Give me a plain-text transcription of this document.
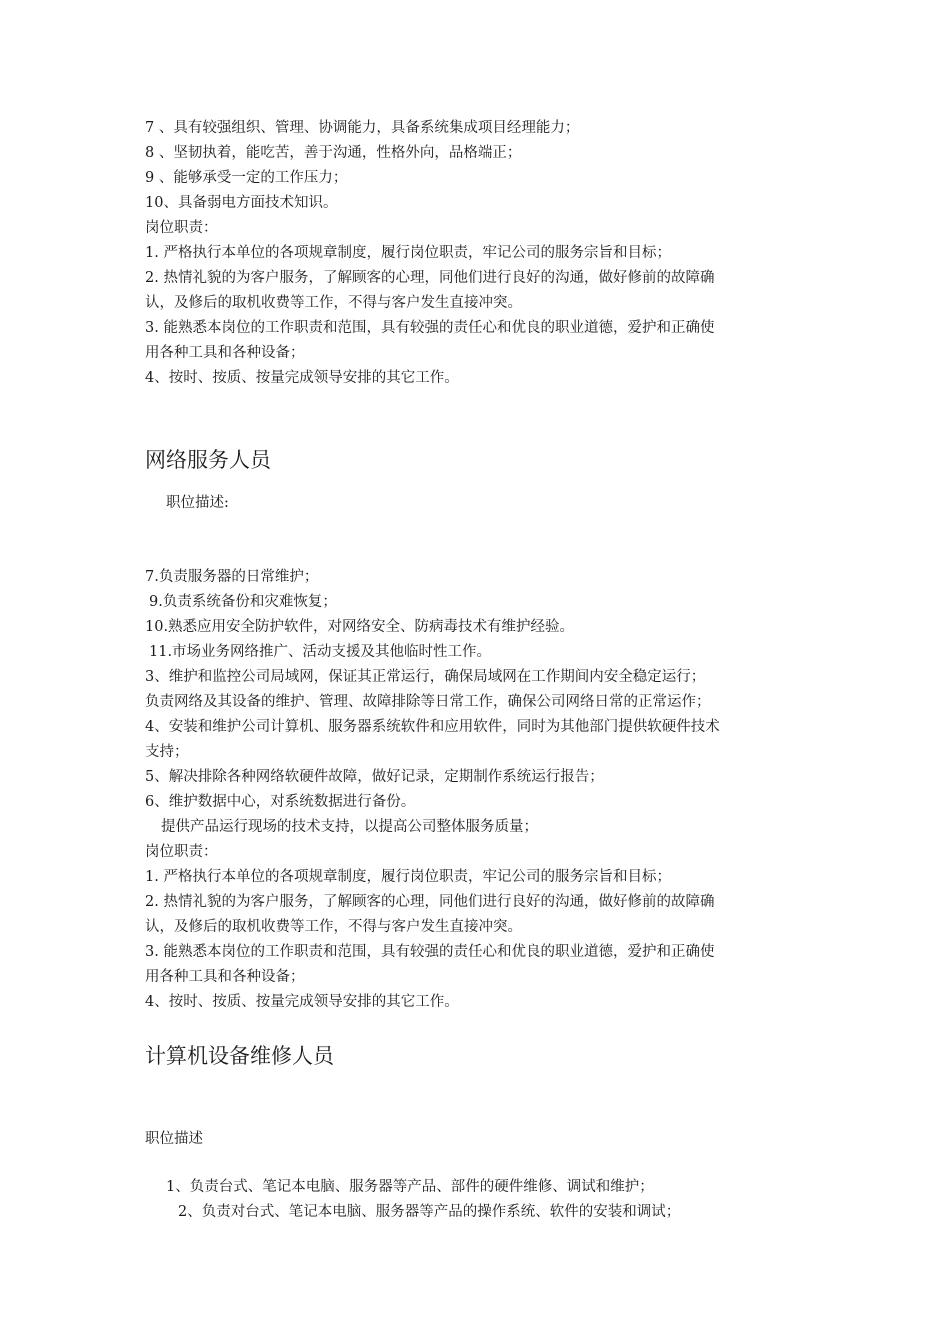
7 、具有较强组织、管理、协调能力，具备系统集成项目经理能力；

8 、坚韧执着，能吃苦，善于沟通，性格外向，品格端正；

9 、能够承受一定的工作压力；

10、具备弱电方面技术知识。

岗位职责：

1. 严格执行本单位的各项规章制度，履行岗位职责，牢记公司的服务宗旨和目标；

2. 热情礼貌的为客户服务，了解顾客的心理，同他们进行良好的沟通，做好修前的故障确

认，及修后的取机收费等工作，不得与客户发生直接冲突。

3. 能熟悉本岗位的工作职责和范围，具有较强的责任心和优良的职业道德，爱护和正确使

用各种工具和各种设备；

4、按时、按质、按量完成领导安排的其它工作。

网络服务人员

职位描述:

7.负责服务器的日常维护；

9.负责系统备份和灾难恢复；

10.熟悉应用安全防护软件，对网络安全、防病毒技术有维护经验。

11.市场业务网络推广、活动支援及其他临时性工作。

3、维护和监控公司局域网，保证其正常运行，确保局域网在工作期间内安全稳定运行；

负责网络及其设备的维护、管理、故障排除等日常工作，确保公司网络日常的正常运作；

4、安装和维护公司计算机、服务器系统软件和应用软件，同时为其他部门提供软硬件技术

支持；

5、解决排除各种网络软硬件故障，做好记录，定期制作系统运行报告；

6、维护数据中心，对系统数据进行备份。

提供产品运行现场的技术支持，以提高公司整体服务质量；

岗位职责：

1. 严格执行本单位的各项规章制度，履行岗位职责，牢记公司的服务宗旨和目标；

2. 热情礼貌的为客户服务，了解顾客的心理，同他们进行良好的沟通，做好修前的故障确

认，及修后的取机收费等工作，不得与客户发生直接冲突。

3. 能熟悉本岗位的工作职责和范围，具有较强的责任心和优良的职业道德，爱护和正确使

用各种工具和各种设备；

4、按时、按质、按量完成领导安排的其它工作。

计算机设备维修人员

职位描述

1、负责台式、笔记本电脑、服务器等产品、部件的硬件维修、调试和维护；

2、负责对台式、笔记本电脑、服务器等产品的操作系统、软件的安装和调试；
